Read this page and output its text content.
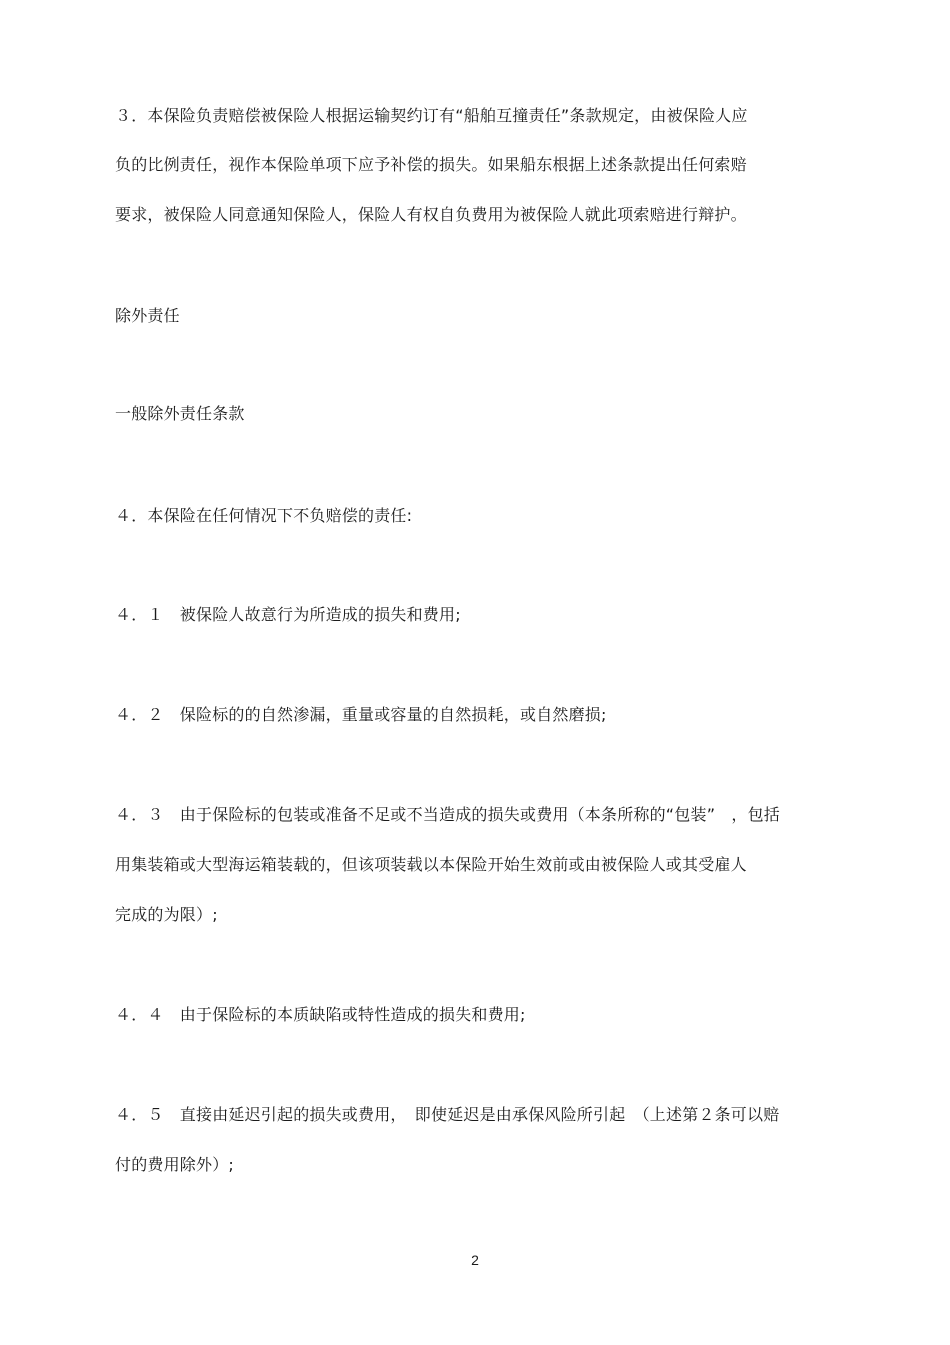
３．本保险负责赔偿被保险人根据运输契约订有“船舶互撞责任”条款规定，由被保险人应
负的比例责任，视作本保险单项下应予补偿的损失。如果船东根据上述条款提出任何索赔
要求，被保险人同意通知保险人，保险人有权自负费用为被保险人就此项索赔进行辩护。
除外责任
一般除外责任条款
４．本保险在任何情况下不负赔偿的责任:
４．１　被保险人故意行为所造成的损失和费用;
４．２　保险标的的自然渗漏，重量或容量的自然损耗，或自然磨损;
４．３　由于保险标的包装或准备不足或不当造成的损失或费用（本条所称的“包装”　，包括
用集装箱或大型海运箱装载的，但该项装载以本保险开始生效前或由被保险人或其受雇人
完成的为限）;
４．４　由于保险标的本质缺陷或特性造成的损失和费用;
４．５　直接由延迟引起的损失或费用，　即使延迟是由承保风险所引起　（上述第２条可以赔
付的费用除外）;
2
